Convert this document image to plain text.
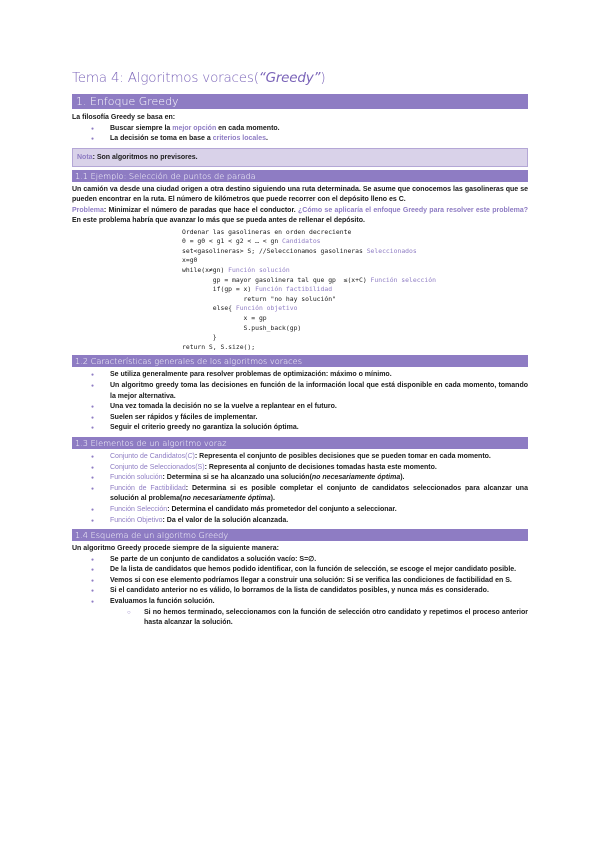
Tema 4: Algoritmos voraces(“Greedy”)
1. Enfoque Greedy

La filosofía Greedy se basa en:

● Buscar siempre la mejor opción en cada momento.
● La decisión se toma en base a criterios locales.
Nota: Son algoritmos no previsores.
1.1 Ejemplo: Selección de puntos de parada

Un camión va desde una ciudad origen a otra destino siguiendo una ruta determinada. Se asume que conocemos las gasolineras que se pueden encontrar en la ruta. El número de kilómetros que puede recorrer con el depósito lleno es C.

Problema: Minimizar el número de paradas que hace el conductor. ¿Cómo se aplicaría el enfoque Greedy para resolver este problema? En este problema habría que avanzar lo más que se pueda antes de rellenar el depósito.

Ordenar las gasolineras en orden decreciente
0 = g0 < g1 < g2 < … < gn Candidatos
set<gasolineras> S; //Seleccionamos gasolineras Seleccionados
x=g0
while(x≠gn) Función solución
gp = mayor gasolinera tal que gp  ≤(x+C) Función selección
if(gp = x) Función factibilidad
return "no hay solución"
else{ Función objetivo
x = gp
S.push_back(gp)
}
return S, S.size();
1.2 Características generales de los algoritmos voraces
● Se utiliza generalmente para resolver problemas de optimización: máximo o mínimo.
● Un algoritmo greedy toma las decisiones en función de la información local que está disponible en cada momento, tomando la mejor alternativa.
● Una vez tomada la decisión no se la vuelve a replantear en el futuro.
● Suelen ser rápidos y fáciles de implementar.
● Seguir el criterio greedy no garantiza la solución óptima.
1.3 Elementos de un algoritmo voraz
● Conjunto de Candidatos(C): Representa el conjunto de posibles decisiones que se pueden tomar en cada momento.
● Conjunto de Seleccionados(S): Representa al conjunto de decisiones tomadas hasta este momento.
● Función solución: Determina si se ha alcanzado una solución(no necesariamente óptima).
● Función de Factibilidad: Determina si es posible completar el conjunto de candidatos seleccionados para alcanzar una solución al problema(no necesariamente óptima).
● Función Selección: Determina el candidato más prometedor del conjunto a seleccionar.
● Función Objetivo: Da el valor de la solución alcanzada.
1.4 Esquema de un algoritmo Greedy

Un algoritmo Greedy procede siempre de la siguiente manera:

● Se parte de un conjunto de candidatos a solución vacío: S=∅.
● De la lista de candidatos que hemos podido identificar, con la función de selección, se escoge el mejor candidato posible.
● Vemos si con ese elemento podríamos llegar a construir una solución: Si se verifica las condiciones de factibilidad en S.
● Si el candidato anterior no es válido, lo borramos de la lista de candidatos posibles, y nunca más es considerado.
● Evaluamos la función solución.
○ Si no hemos terminado, seleccionamos con la función de selección otro candidato y repetimos el proceso anterior hasta alcanzar la solución.
